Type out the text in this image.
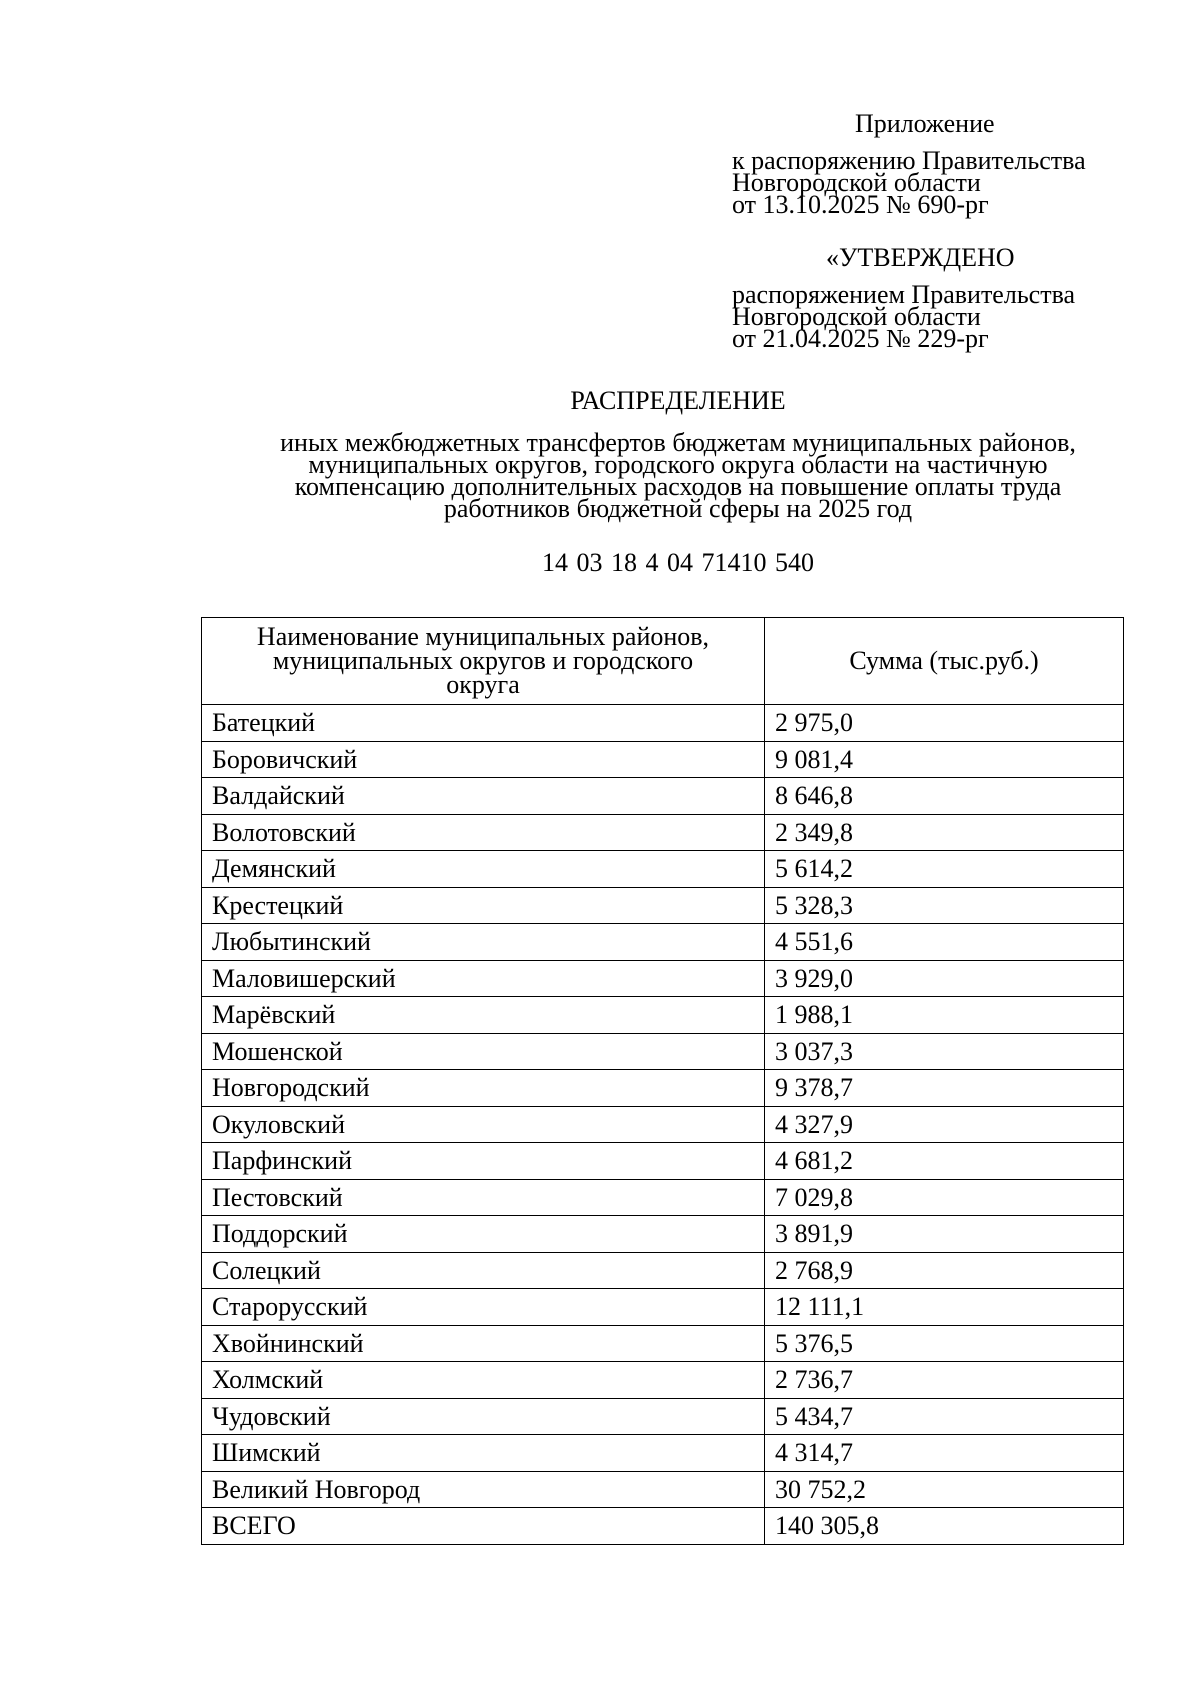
Приложение
к распоряжению Правительства
Новгородской области
от 13.10.2025 № 690-рг
«УТВЕРЖДЕНО
распоряжением Правительства
Новгородской области
от 21.04.2025 № 229-рг
РАСПРЕДЕЛЕНИЕ
иных межбюджетных трансфертов бюджетам муниципальных районов,
муниципальных округов, городского округа области на частичную
компенсацию дополнительных расходов на повышение оплаты труда
работников бюджетной сферы на 2025 год
14 03 18 4 04 71410 540
Наименование муниципальных районов,
муниципальных округов и городского
округа	Сумма (тыс.руб.)
Батецкий	2 975,0
Боровичский	9 081,4
Валдайский	8 646,8
Волотовский	2 349,8
Демянский	5 614,2
Крестецкий	5 328,3
Любытинский	4 551,6
Маловишерский	3 929,0
Марёвский	1 988,1
Мошенской	3 037,3
Новгородский	9 378,7
Окуловский	4 327,9
Парфинский	4 681,2
Пестовский	7 029,8
Поддорский	3 891,9
Солецкий	2 768,9
Старорусский	12 111,1
Хвойнинский	5 376,5
Холмский	2 736,7
Чудовский	5 434,7
Шимский	4 314,7
Великий Новгород	30 752,2
ВСЕГО	140 305,8
